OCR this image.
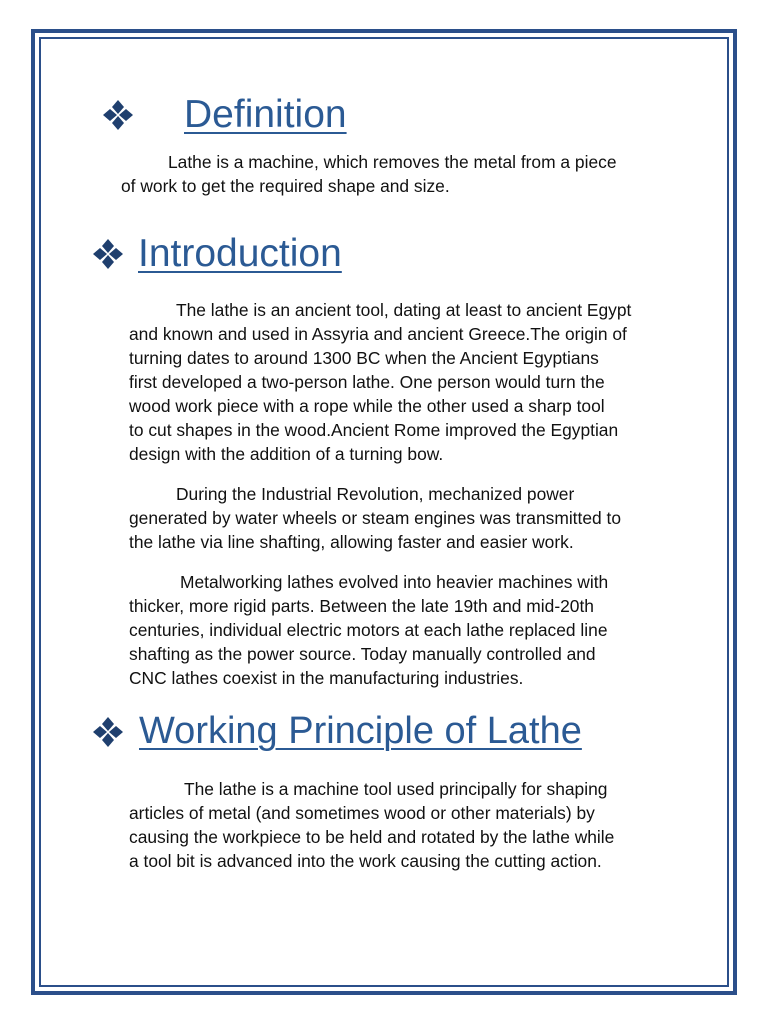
Definition
Lathe is a machine, which removes the metal from a piece
of work to get the required shape and size.
Introduction
The lathe is an ancient tool, dating at least to ancient Egypt
and known and used in Assyria and ancient Greece.The origin of
turning dates to around 1300 BC when the Ancient Egyptians
first developed a two-person lathe. One person would turn the
wood work piece with a rope while the other used a sharp tool
to cut shapes in the wood.Ancient Rome improved the Egyptian
design with the addition of a turning bow.
During the Industrial Revolution, mechanized power
generated by water wheels or steam engines was transmitted to
the lathe via line shafting, allowing faster and easier work.
Metalworking lathes evolved into heavier machines with
thicker, more rigid parts. Between the late 19th and mid-20th
centuries, individual electric motors at each lathe replaced line
shafting as the power source. Today manually controlled and
CNC lathes coexist in the manufacturing industries.
Working Principle of Lathe
The lathe is a machine tool used principally for shaping
articles of metal (and sometimes wood or other materials) by
causing the workpiece to be held and rotated by the lathe while
a tool bit is advanced into the work causing the cutting action.
